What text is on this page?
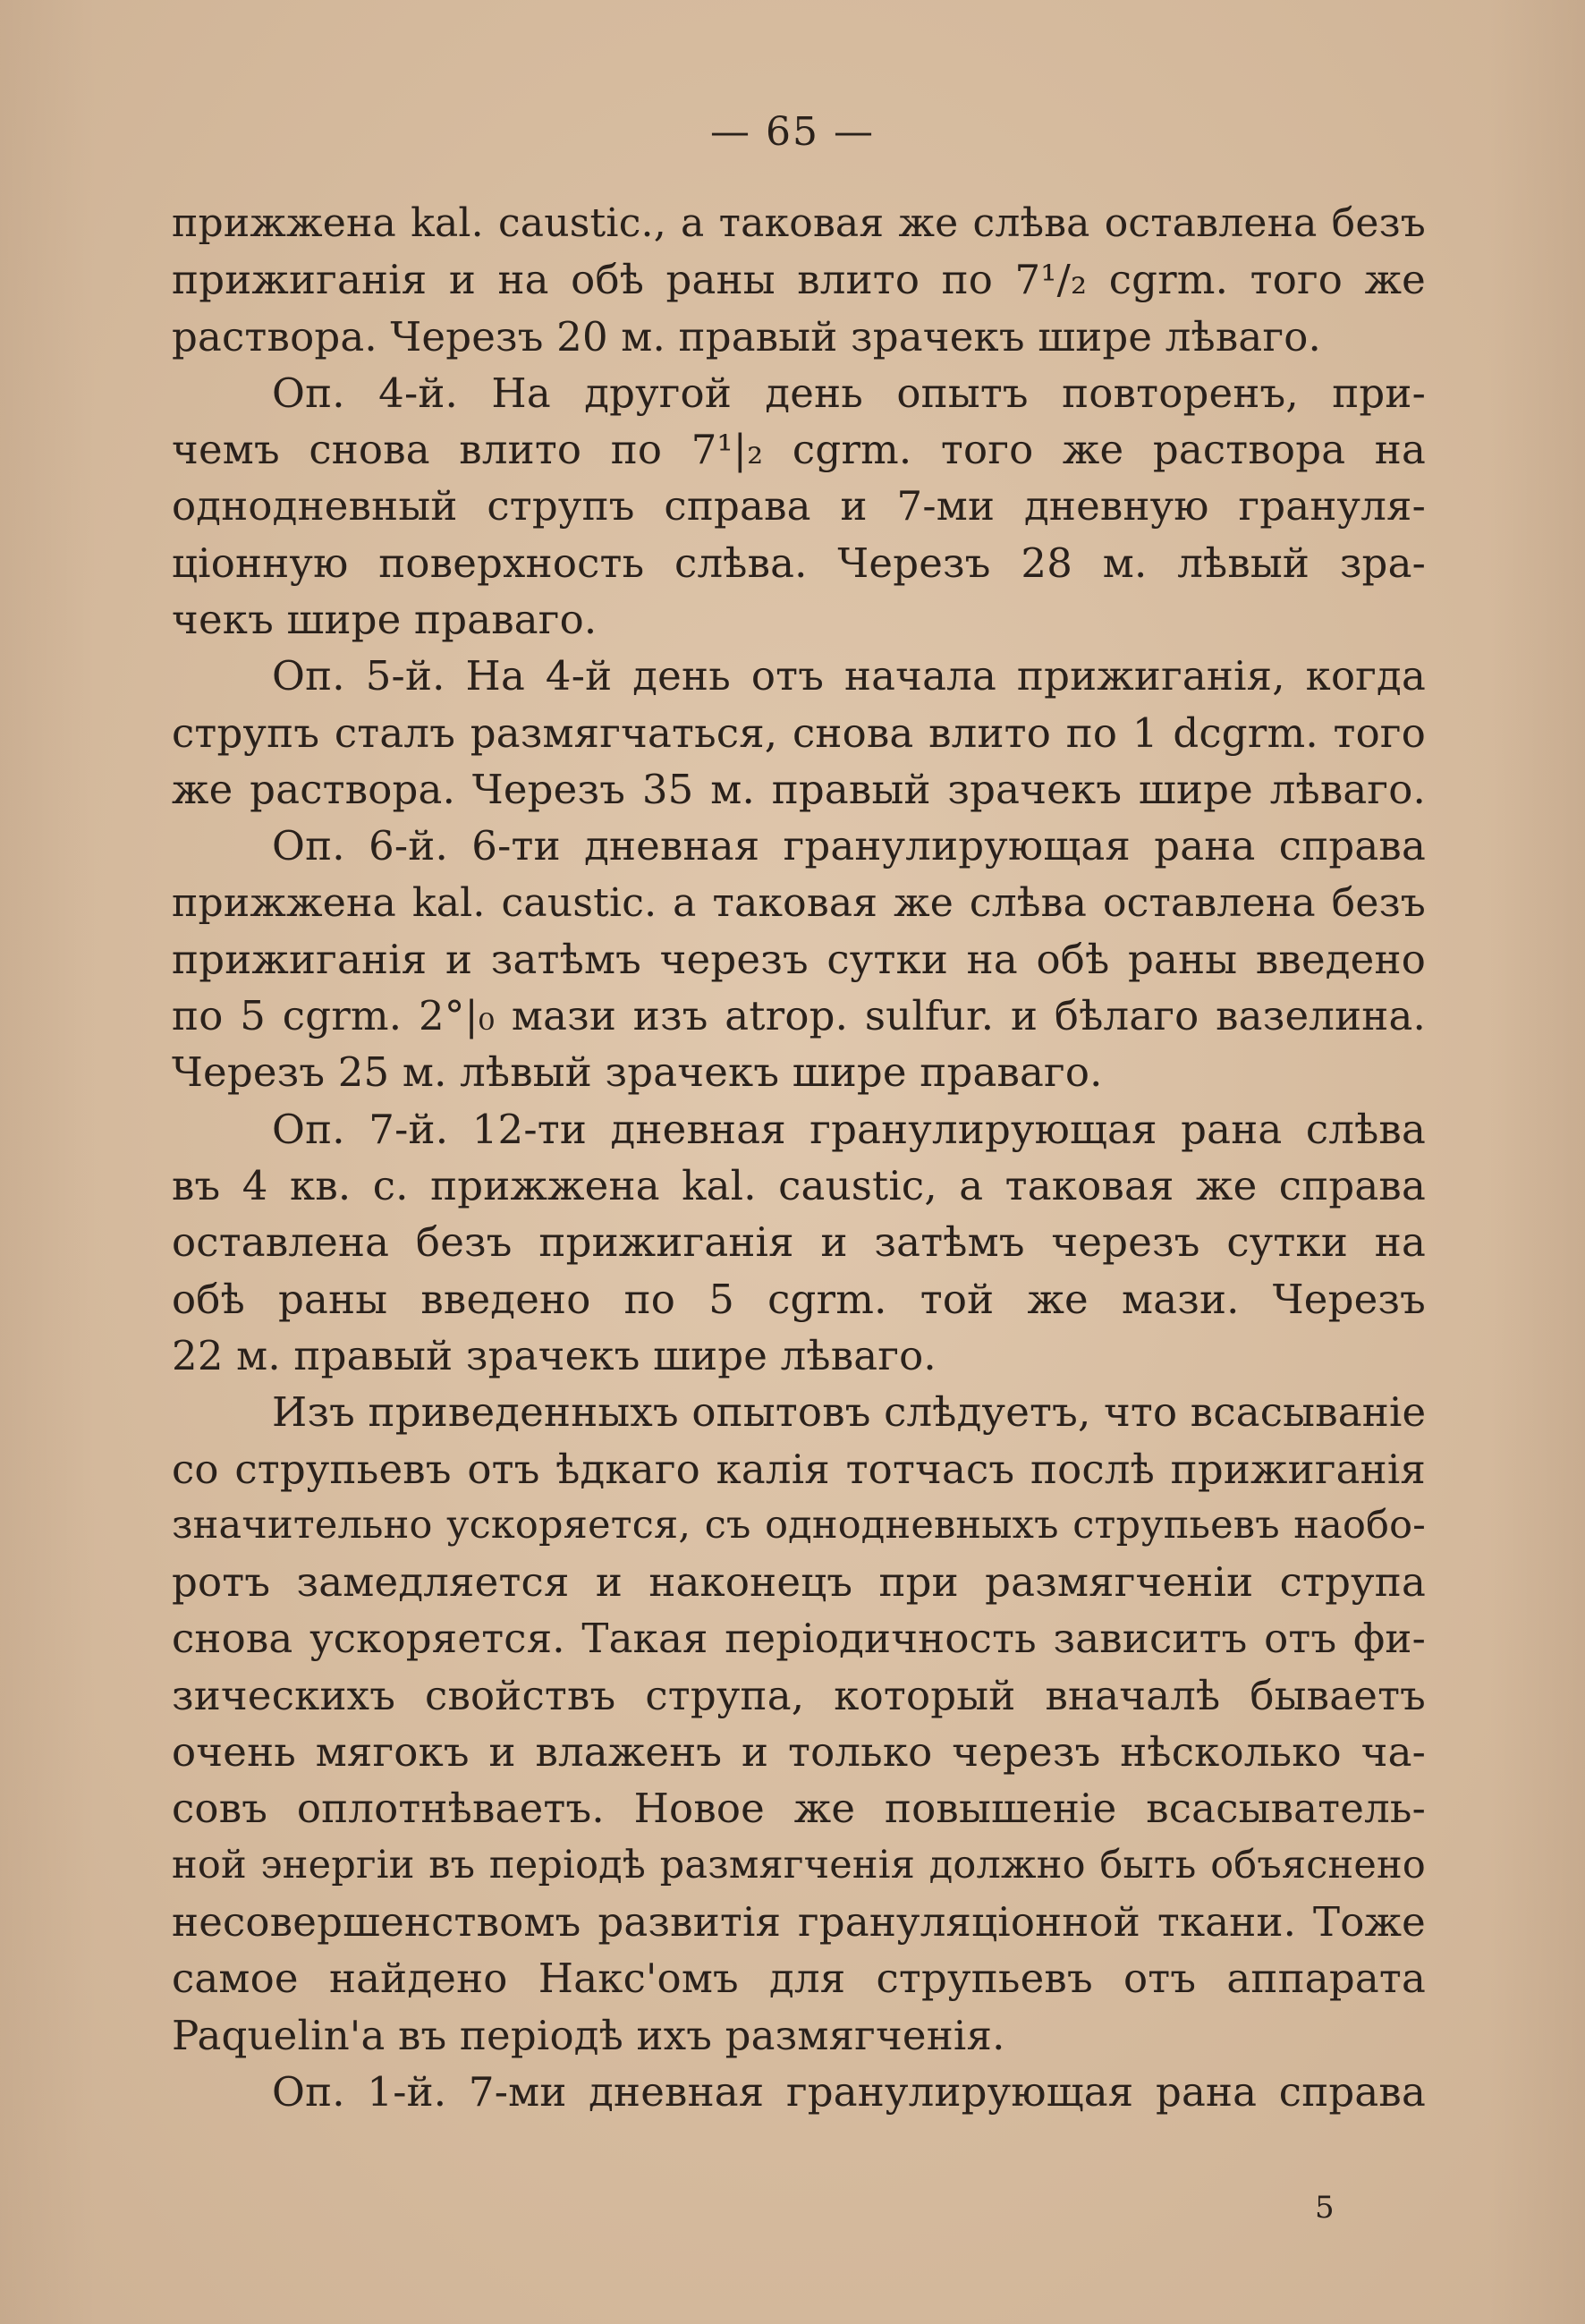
— 65 —
прижжена kal. caustic., а таковая же слѣва оставлена безъ
прижиганія и на обѣ раны влито по 7¹/₂ cgrm. того же
раствора. Черезъ 20 м. правый зрачекъ шире лѣваго.
Оп. 4-й. На другой день опытъ повторенъ, при-
чемъ снова влито по 7¹|₂ cgrm. того же раствора на
однодневный струпъ справа и 7-ми дневную грануля-
ціонную поверхность слѣва. Черезъ 28 м. лѣвый зра-
чекъ шире праваго.
Оп. 5-й. На 4-й день отъ начала прижиганія, когда
струпъ сталъ размягчаться, снова влито по 1 dcgrm. того
же раствора. Черезъ 35 м. правый зрачекъ шире лѣваго.
Оп. 6-й. 6-ти дневная гранулирующая рана справа
прижжена kal. caustic. а таковая же слѣва оставлена безъ
прижиганія и затѣмъ черезъ сутки на обѣ раны введено
по 5 cgrm. 2°|₀ мази изъ atrop. sulfur. и бѣлаго вазелина.
Черезъ 25 м. лѣвый зрачекъ шире праваго.
Оп. 7-й. 12-ти дневная гранулирующая рана слѣва
въ 4 кв. с. прижжена kal. caustic, а таковая же справа
оставлена безъ прижиганія и затѣмъ черезъ сутки на
обѣ раны введено по 5 cgrm. той же мази. Черезъ
22 м. правый зрачекъ шире лѣваго.
Изъ приведенныхъ опытовъ слѣдуетъ, что всасываніе
со струпьевъ отъ ѣдкаго калія тотчасъ послѣ прижиганія
значительно ускоряется, съ однодневныхъ струпьевъ наобо-
ротъ замедляется и наконецъ при размягченіи струпа
снова ускоряется. Такая періодичность зависитъ отъ фи-
зическихъ свойствъ струпа, который вначалѣ бываетъ
очень мягокъ и влаженъ и только черезъ нѣсколько ча-
совъ оплотнѣваетъ. Новое же повышеніе всасыватель-
ной энергіи въ періодѣ размягченія должно быть объяснено
несовершенствомъ развитія грануляціонной ткани. Тоже
самое найдено Накс'омъ для струпьевъ отъ аппарата
Paquelin'а въ періодѣ ихъ размягченія.
Оп. 1-й. 7-ми дневная гранулирующая рана справа
5
